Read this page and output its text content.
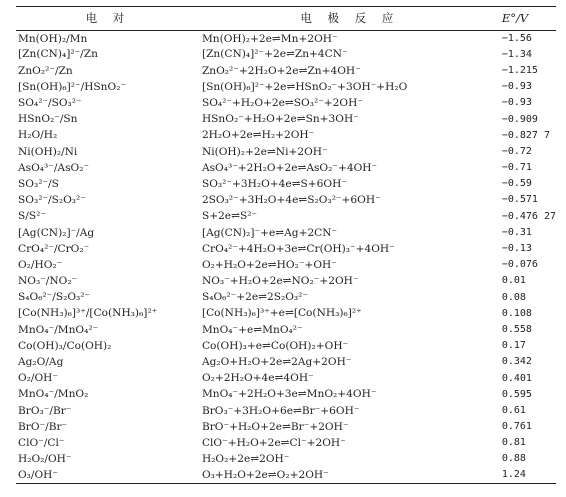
电 对	电 极 反 应	E°/V
Mn(OH)₂/Mn	Mn(OH)₂+2e⇌Mn+2OH⁻	−1.56
[Zn(CN)₄]²⁻/Zn	[Zn(CN)₄]²⁻+2e⇌Zn+4CN⁻	−1.34
ZnO₂²⁻/Zn	ZnO₂²⁻+2H₂O+2e⇌Zn+4OH⁻	−1.215
[Sn(OH)₆]²⁻/HSnO₂⁻	[Sn(OH)₆]²⁻+2e⇌HSnO₂⁻+3OH⁻+H₂O	−0.93
SO₄²⁻/SO₃²⁻	SO₄²⁻+H₂O+2e⇌SO₃²⁻+2OH⁻	−0.93
HSnO₂⁻/Sn	HSnO₂⁻+H₂O+2e⇌Sn+3OH⁻	−0.909
H₂O/H₂	2H₂O+2e⇌H₂+2OH⁻	−0.827 7
Ni(OH)₂/Ni	Ni(OH)₂+2e⇌Ni+2OH⁻	−0.72
AsO₄³⁻/AsO₂⁻	AsO₄³⁻+2H₂O+2e⇌AsO₂⁻+4OH⁻	−0.71
SO₃²⁻/S	SO₃²⁻+3H₂O+4e⇌S+6OH⁻	−0.59
SO₃²⁻/S₂O₃²⁻	2SO₃²⁻+3H₂O+4e⇌S₂O₃²⁻+6OH⁻	−0.571
S/S²⁻	S+2e⇌S²⁻	−0.476 27
[Ag(CN)₂]⁻/Ag	[Ag(CN)₂]⁻+e⇌Ag+2CN⁻	−0.31
CrO₄²⁻/CrO₂⁻	CrO₄²⁻+4H₂O+3e⇌Cr(OH)₃⁻+4OH⁻	−0.13
O₂/HO₂⁻	O₂+H₂O+2e⇌HO₂⁻+OH⁻	−0.076
NO₃⁻/NO₂⁻	NO₃⁻+H₂O+2e⇌NO₂⁻+2OH⁻	0.01
S₄O₆²⁻/S₂O₃²⁻	S₄O₆²⁻+2e⇌2S₂O₃²⁻	0.08
[Co(NH₃)₆]³⁺/[Co(NH₃)₆]²⁺	[Co(NH₃)₆]³⁺+e⇌[Co(NH₃)₆]²⁺	0.108
MnO₄⁻/MnO₄²⁻	MnO₄⁻+e⇌MnO₄²⁻	0.558
Co(OH)₃/Co(OH)₂	Co(OH)₃+e⇌Co(OH)₂+OH⁻	0.17
Ag₂O/Ag	Ag₂O+H₂O+2e⇌2Ag+2OH⁻	0.342
O₂/OH⁻	O₂+2H₂O+4e⇌4OH⁻	0.401
MnO₄⁻/MnO₂	MnO₄⁻+2H₂O+3e⇌MnO₂+4OH⁻	0.595
BrO₃⁻/Br⁻	BrO₃⁻+3H₂O+6e⇌Br⁻+6OH⁻	0.61
BrO⁻/Br⁻	BrO⁻+H₂O+2e⇌Br⁻+2OH⁻	0.761
ClO⁻/Cl⁻	ClO⁻+H₂O+2e⇌Cl⁻+2OH⁻	0.81
H₂O₂/OH⁻	H₂O₂+2e⇌2OH⁻	0.88
O₃/OH⁻	O₃+H₂O+2e⇌O₂+2OH⁻	1.24
